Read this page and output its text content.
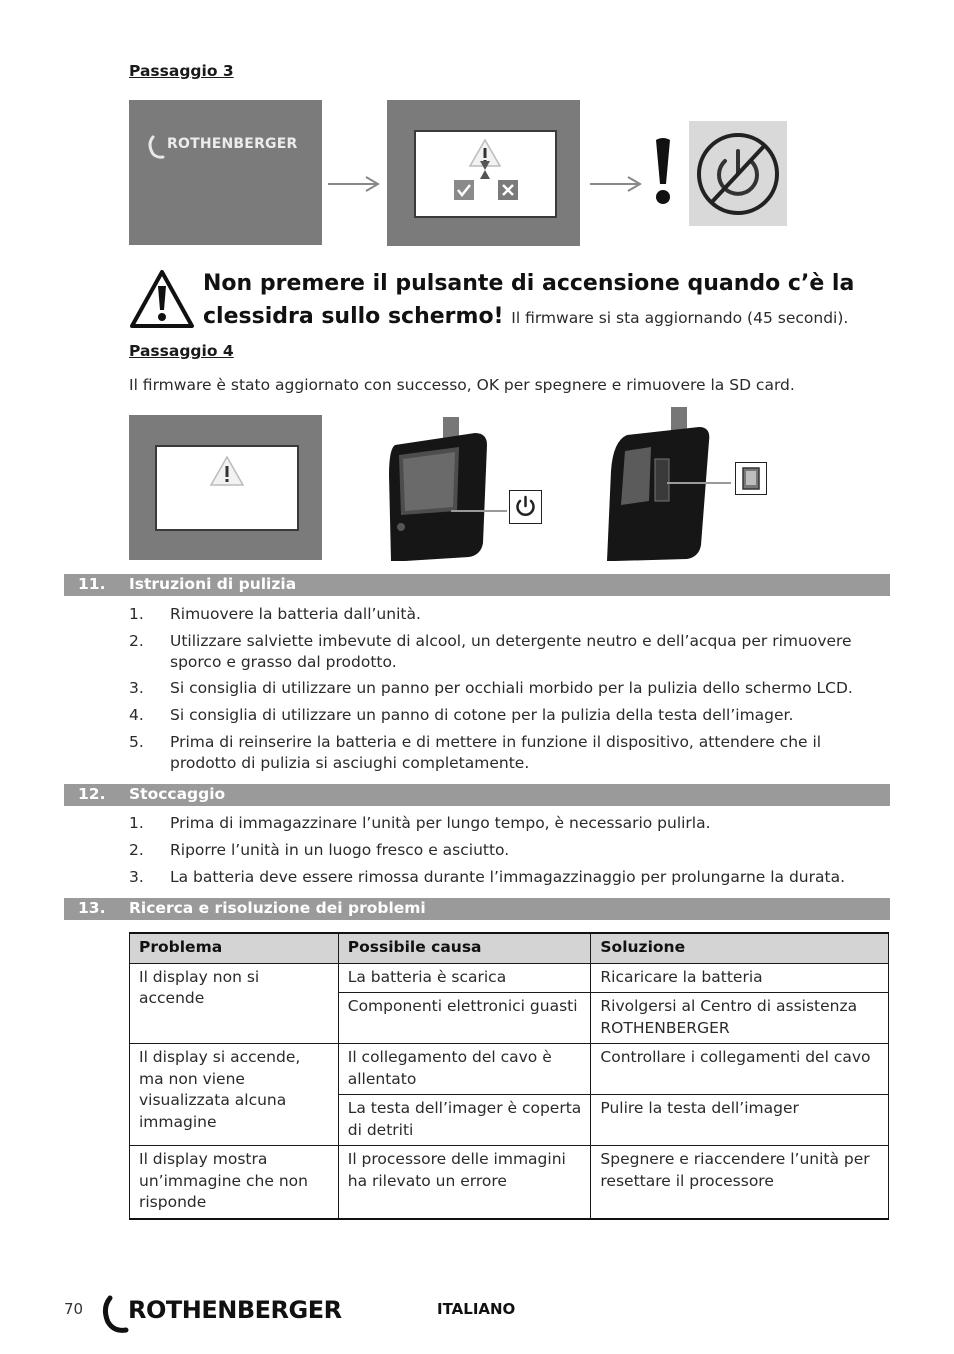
Passaggio 3
ROTHENBERGER
Non premere il pulsante di accensione quando c’è la clessidra sullo schermo! Il firmware si sta aggiornando (45 secondi).
Passaggio 4
Il firmware è stato aggiornato con successo, OK per spegnere e rimuovere la SD card.
11. Istruzioni di pulizia
1. Rimuovere la batteria dall’unità.
2. Utilizzare salviette imbevute di alcool, un detergente neutro e dell’acqua per rimuovere sporco e grasso dal prodotto.
3. Si consiglia di utilizzare un panno per occhiali morbido per la pulizia dello schermo LCD.
4. Si consiglia di utilizzare un panno di cotone per la pulizia della testa dell’imager.
5. Prima di reinserire la batteria e di mettere in funzione il dispositivo, attendere che il prodotto di pulizia si asciughi completamente.
12. Stoccaggio
1. Prima di immagazzinare l’unità per lungo tempo, è necessario pulirla.
2. Riporre l’unità in un luogo fresco e asciutto.
3. La batteria deve essere rimossa durante l’immagazzinaggio per prolungarne la durata.
13. Ricerca e risoluzione dei problemi
Problema	Possibile causa	Soluzione
Il display non si accende	La batteria è scarica	Ricaricare la batteria
	Componenti elettronici guasti	Rivolgersi al Centro di assistenza ROTHENBERGER
Il display si accende, ma non viene visualizzata alcuna immagine	Il collegamento del cavo è allentato	Controllare i collegamenti del cavo
	La testa dell’imager è coperta di detriti	Pulire la testa dell’imager
Il display mostra un’immagine che non risponde	Il processore delle immagini ha rilevato un errore	Spegnere e riaccendere l’unità per resettare il processore
70 ROTHENBERGER	ITALIANO
